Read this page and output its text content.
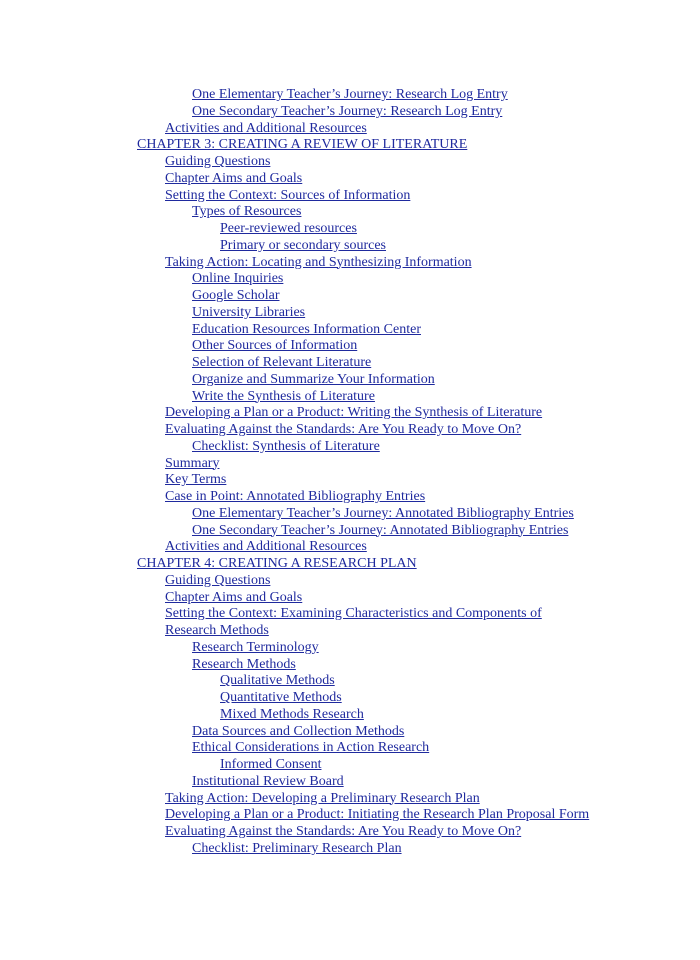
One Elementary Teacher’s Journey: Research Log Entry
One Secondary Teacher’s Journey: Research Log Entry
Activities and Additional Resources
CHAPTER 3: CREATING A REVIEW OF LITERATURE
Guiding Questions
Chapter Aims and Goals
Setting the Context: Sources of Information
Types of Resources
Peer-reviewed resources
Primary or secondary sources
Taking Action: Locating and Synthesizing Information
Online Inquiries
Google Scholar
University Libraries
Education Resources Information Center
Other Sources of Information
Selection of Relevant Literature
Organize and Summarize Your Information
Write the Synthesis of Literature
Developing a Plan or a Product: Writing the Synthesis of Literature
Evaluating Against the Standards: Are You Ready to Move On?
Checklist: Synthesis of Literature
Summary
Key Terms
Case in Point: Annotated Bibliography Entries
One Elementary Teacher’s Journey: Annotated Bibliography Entries
One Secondary Teacher’s Journey: Annotated Bibliography Entries
Activities and Additional Resources
CHAPTER 4: CREATING A RESEARCH PLAN
Guiding Questions
Chapter Aims and Goals
Setting the Context: Examining Characteristics and Components of Research Methods
Research Terminology
Research Methods
Qualitative Methods
Quantitative Methods
Mixed Methods Research
Data Sources and Collection Methods
Ethical Considerations in Action Research
Informed Consent
Institutional Review Board
Taking Action: Developing a Preliminary Research Plan
Developing a Plan or a Product: Initiating the Research Plan Proposal Form
Evaluating Against the Standards: Are You Ready to Move On?
Checklist: Preliminary Research Plan
